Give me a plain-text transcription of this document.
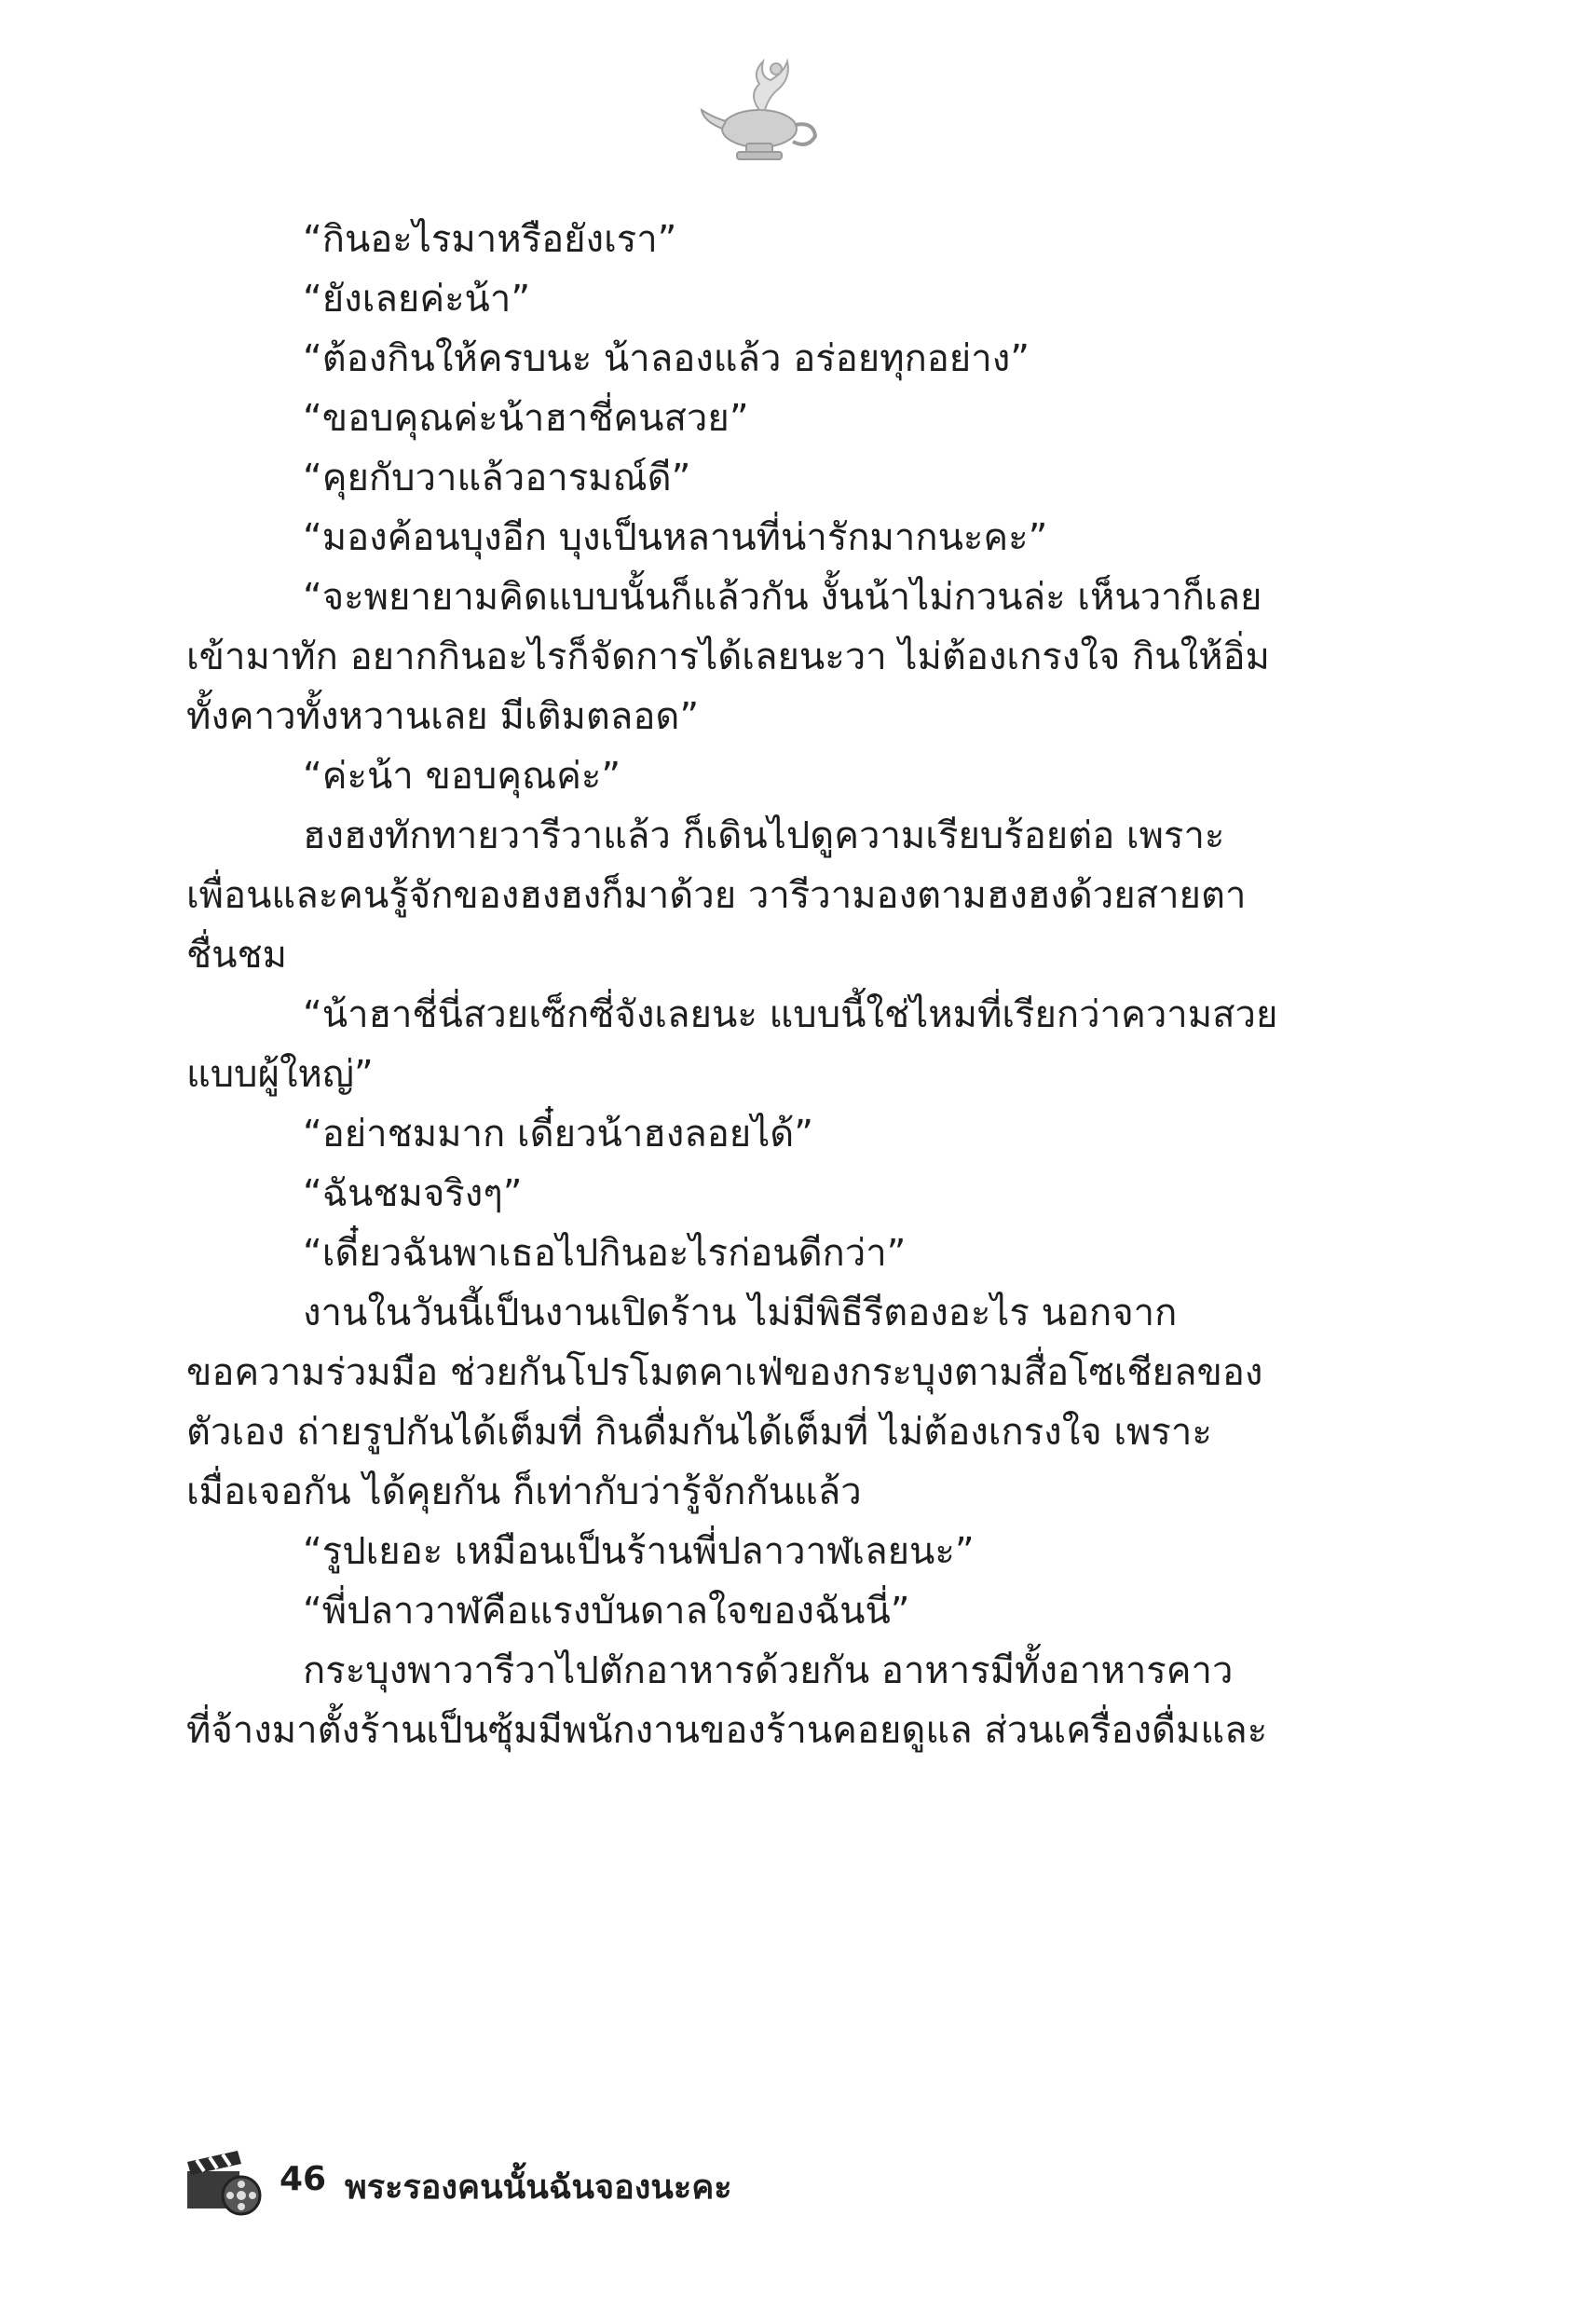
“กินอะไรมาหรือยังเรา”

“ยังเลยค่ะน้า”

“ต้องกินให้ครบนะ น้าลองแล้ว อร่อยทุกอย่าง”

“ขอบคุณค่ะน้าฮาชี่คนสวย”

“คุยกับวาแล้วอารมณ์ดี”

“มองค้อนบุงอีก บุงเป็นหลานที่น่ารักมากนะคะ”

“จะพยายามคิดแบบนั้นก็แล้วกัน งั้นน้าไม่กวนล่ะ เห็นวาก็เลย

เข้ามาทัก อยากกินอะไรก็จัดการได้เลยนะวา ไม่ต้องเกรงใจ กินให้อิ่ม

ทั้งคาวทั้งหวานเลย มีเติมตลอด”

“ค่ะน้า ขอบคุณค่ะ”

ฮงฮงทักทายวารีวาแล้ว ก็เดินไปดูความเรียบร้อยต่อ เพราะ

เพื่อนและคนรู้จักของฮงฮงก็มาด้วย วารีวามองตามฮงฮงด้วยสายตา

ชื่นชม

“น้าฮาชี่นี่สวยเซ็กซี่จังเลยนะ แบบนี้ใช่ไหมที่เรียกว่าความสวย

แบบผู้ใหญ่”

“อย่าชมมาก เดี๋ยวน้าฮงลอยได้”

“ฉันชมจริงๆ”

“เดี๋ยวฉันพาเธอไปกินอะไรก่อนดีกว่า”

งานในวันนี้เป็นงานเปิดร้าน ไม่มีพิธีรีตองอะไร นอกจาก

ขอความร่วมมือ ช่วยกันโปรโมตคาเฟ่ของกระบุงตามสื่อโซเชียลของ

ตัวเอง ถ่ายรูปกันได้เต็มที่ กินดื่มกันได้เต็มที่ ไม่ต้องเกรงใจ เพราะ

เมื่อเจอกัน ได้คุยกัน ก็เท่ากับว่ารู้จักกันแล้ว

“รูปเยอะ เหมือนเป็นร้านพี่ปลาวาฬเลยนะ”

“พี่ปลาวาฬคือแรงบันดาลใจของฉันนี่”

กระบุงพาวารีวาไปตักอาหารด้วยกัน อาหารมีทั้งอาหารคาว

ที่จ้างมาตั้งร้านเป็นซุ้มมีพนักงานของร้านคอยดูแล ส่วนเครื่องดื่มและ

46 พระรองคนนั้นฉันจองนะคะ
